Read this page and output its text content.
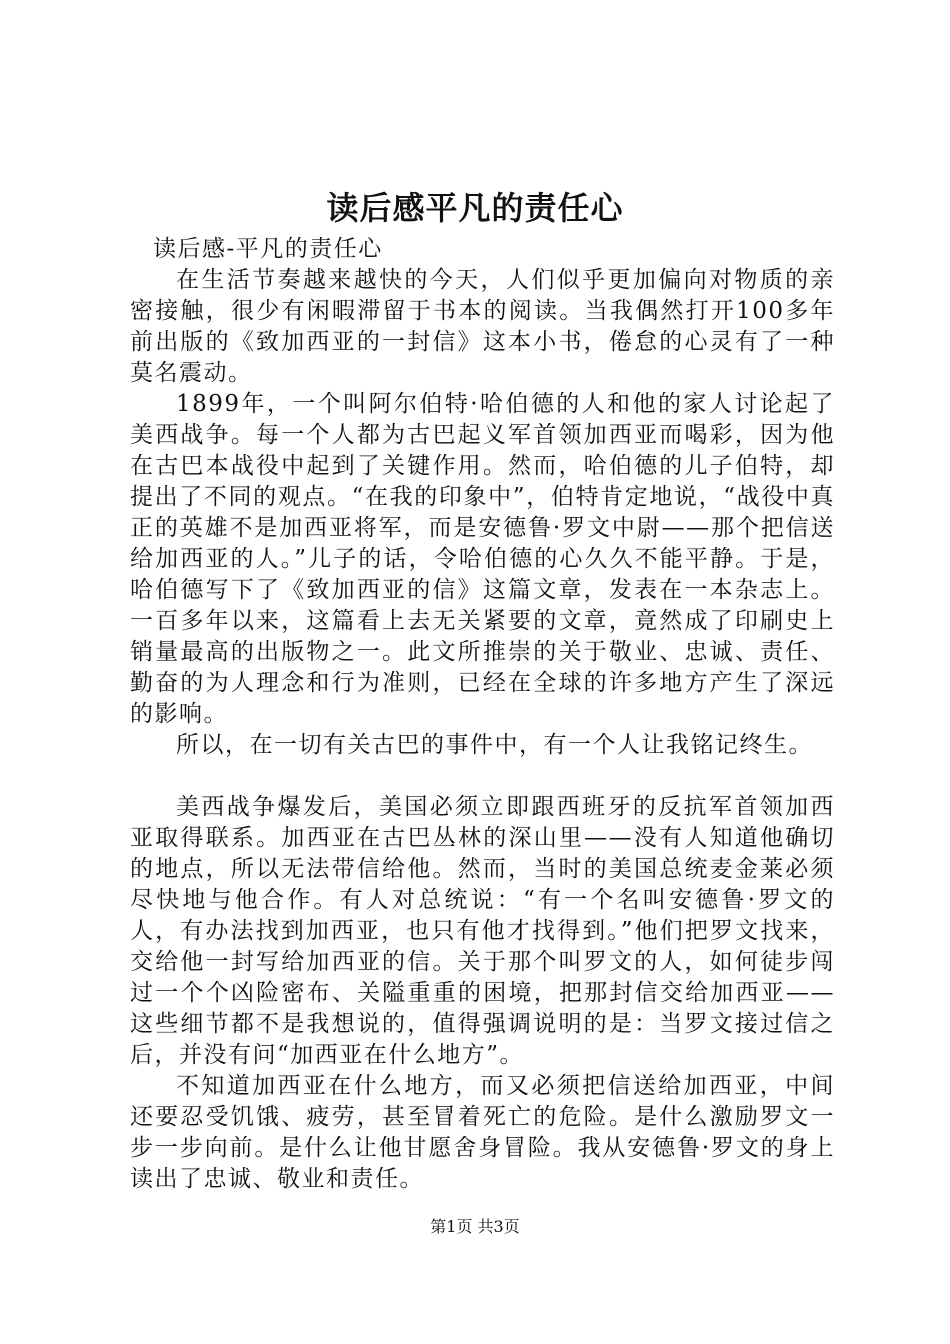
读后感平凡的责任心

读后感-平凡的责任心

在生活节奏越来越快的今天，人们似乎更加偏向对物质的亲密接触，很少有闲暇滞留于书本的阅读。当我偶然打开100多年前出版的《致加西亚的一封信》这本小书，倦怠的心灵有了一种莫名震动。

1899年，一个叫阿尔伯特·哈伯德的人和他的家人讨论起了美西战争。每一个人都为古巴起义军首领加西亚而喝彩，因为他在古巴本战役中起到了关键作用。然而，哈伯德的儿子伯特，却提出了不同的观点。“在我的印象中”，伯特肯定地说，“战役中真正的英雄不是加西亚将军，而是安德鲁·罗文中尉——那个把信送给加西亚的人。”儿子的话，令哈伯德的心久久不能平静。于是，哈伯德写下了《致加西亚的信》这篇文章，发表在一本杂志上。一百多年以来，这篇看上去无关紧要的文章，竟然成了印刷史上销量最高的出版物之一。此文所推崇的关于敬业、忠诚、责任、勤奋的为人理念和行为准则，已经在全球的许多地方产生了深远的影响。

所以，在一切有关古巴的事件中，有一个人让我铭记终生。

美西战争爆发后，美国必须立即跟西班牙的反抗军首领加西亚取得联系。加西亚在古巴丛林的深山里——没有人知道他确切的地点，所以无法带信给他。然而，当时的美国总统麦金莱必须尽快地与他合作。有人对总统说：“有一个名叫安德鲁·罗文的人，有办法找到加西亚，也只有他才找得到。”他们把罗文找来，交给他一封写给加西亚的信。关于那个叫罗文的人，如何徒步闯过一个个凶险密布、关隘重重的困境，把那封信交给加西亚——这些细节都不是我想说的，值得强调说明的是：当罗文接过信之后，并没有问“加西亚在什么地方”。

不知道加西亚在什么地方，而又必须把信送给加西亚，中间还要忍受饥饿、疲劳，甚至冒着死亡的危险。是什么激励罗文一步一步向前。是什么让他甘愿舍身冒险。我从安德鲁·罗文的身上读出了忠诚、敬业和责任。

第1页 共3页
